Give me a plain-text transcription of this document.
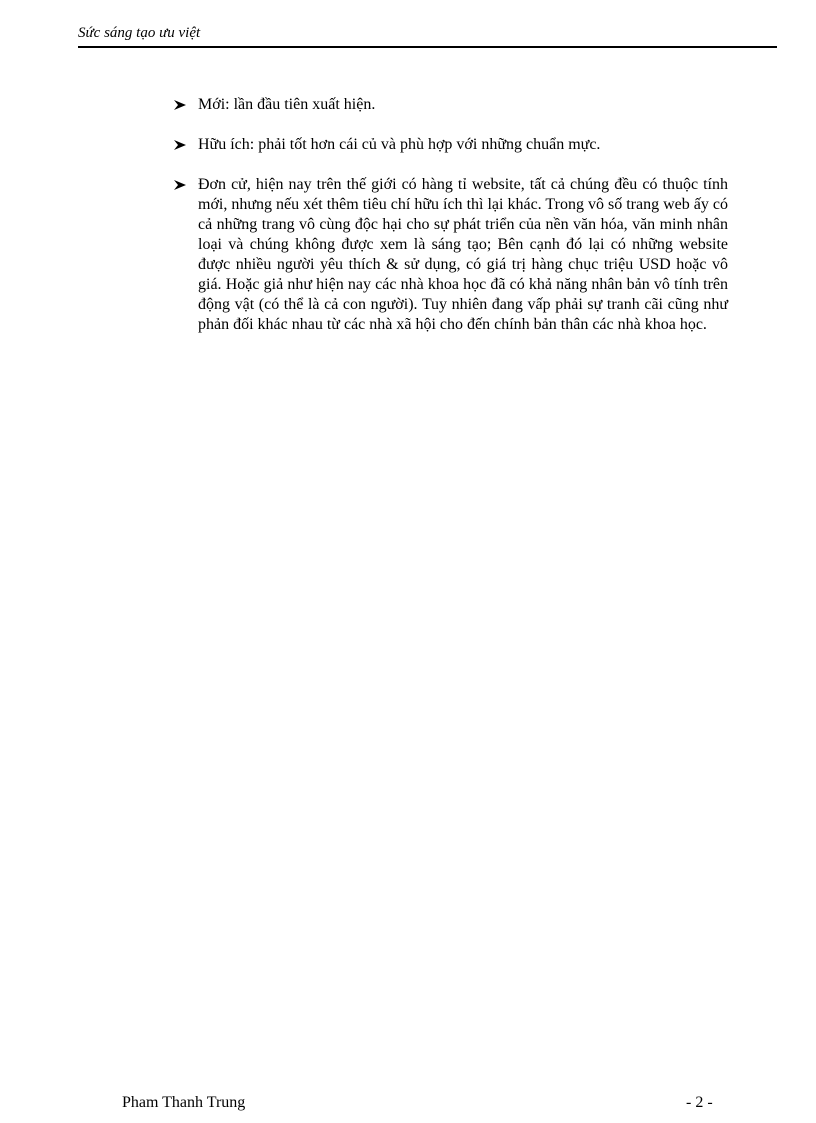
Sức sáng tạo ưu việt
Mới: lần đầu tiên xuất hiện.
Hữu ích: phải tốt hơn cái củ và phù hợp với những chuẩn mực.
Đơn cử, hiện nay trên thế giới có hàng tỉ website, tất cả chúng đều có thuộc tính mới, nhưng nếu xét thêm tiêu chí hữu ích thì lại khác. Trong vô số trang web ấy có cả những trang vô cùng độc hại cho sự phát triển của nền văn hóa, văn minh nhân loại và chúng không được xem là sáng tạo; Bên cạnh đó lại có những website được nhiều người yêu thích & sử dụng, có giá trị hàng chục triệu USD hoặc vô giá. Hoặc giả như hiện nay các nhà khoa học đã có khả năng nhân bản vô tính trên động vật (có thể là cả con người). Tuy nhiên đang vấp phải sự tranh cãi cũng như phản đối khác nhau từ các nhà xã hội cho đến chính bản thân các nhà khoa học.
Pham Thanh Trung	- 2 -
